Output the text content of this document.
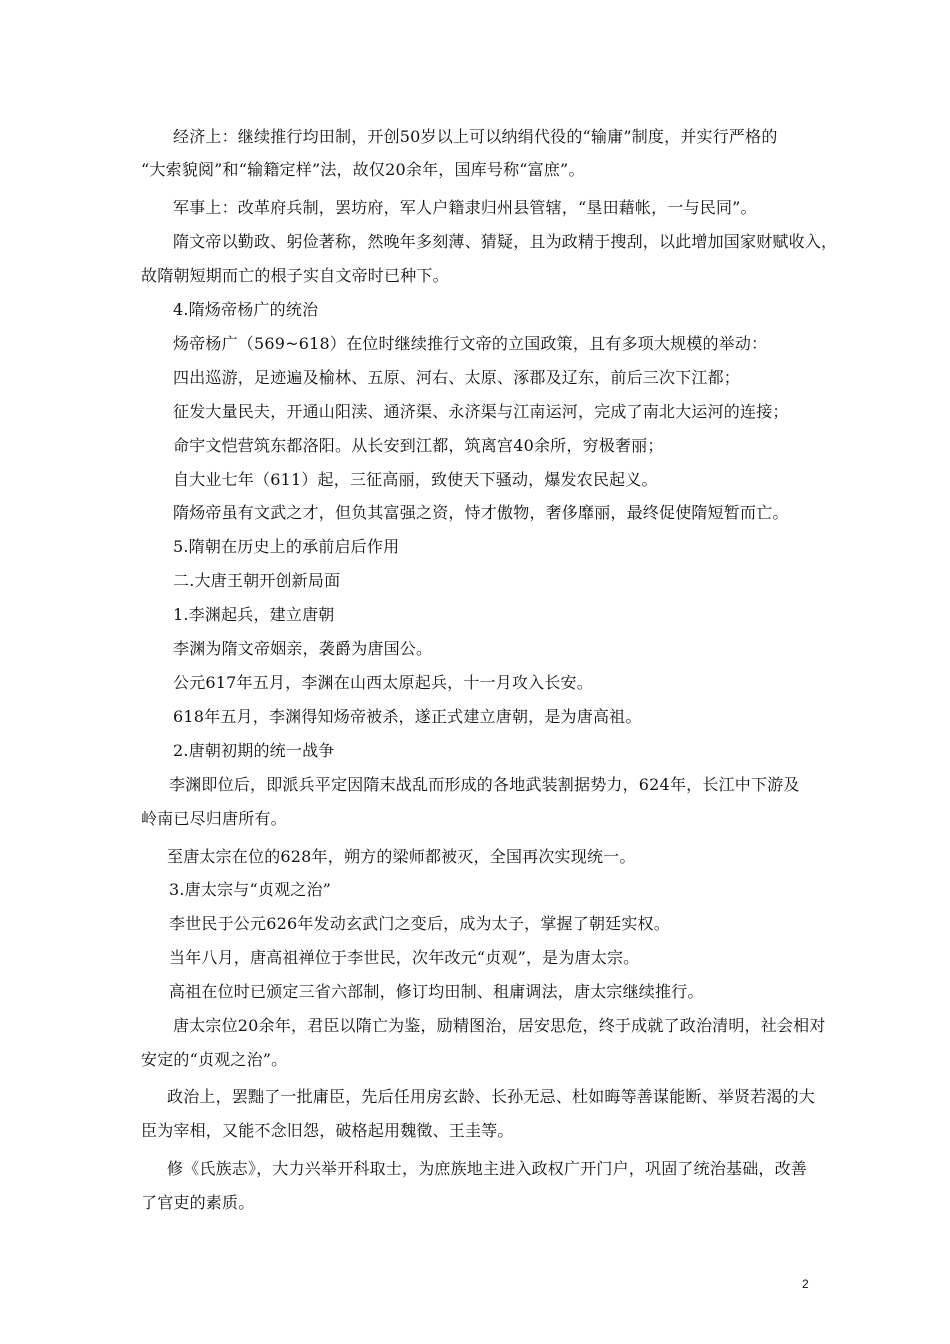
经济上：继续推行均田制，开创50岁以上可以纳绢代役的“输庸”制度，并实行严格的
“大索貌阅”和“输籍定样”法，故仅20余年，国库号称“富庶”。
军事上：改革府兵制，罢坊府，军人户籍隶归州县管辖，“垦田藉帐，一与民同”。
隋文帝以勤政、躬俭著称，然晚年多刻薄、猜疑，且为政精于搜刮，以此增加国家财赋收入，
故隋朝短期而亡的根子实自文帝时已种下。
4.隋炀帝杨广的统治
炀帝杨广（569~618）在位时继续推行文帝的立国政策，且有多项大规模的举动：
四出巡游，足迹遍及榆林、五原、河右、太原、涿郡及辽东，前后三次下江都；
征发大量民夫，开通山阳渎、通济渠、永济渠与江南运河，完成了南北大运河的连接；
命宇文恺营筑东都洛阳。从长安到江都，筑离宫40余所，穷极奢丽；
自大业七年（611）起，三征高丽，致使天下骚动，爆发农民起义。
隋炀帝虽有文武之才，但负其富强之资，恃才傲物，奢侈靡丽，最终促使隋短暂而亡。
5.隋朝在历史上的承前启后作用
二.大唐王朝开创新局面
1.李渊起兵，建立唐朝
李渊为隋文帝姻亲，袭爵为唐国公。
公元617年五月，李渊在山西太原起兵，十一月攻入长安。
618年五月，李渊得知炀帝被杀，遂正式建立唐朝，是为唐高祖。
2.唐朝初期的统一战争
李渊即位后，即派兵平定因隋末战乱而形成的各地武装割据势力，624年，长江中下游及
岭南已尽归唐所有。
至唐太宗在位的628年，朔方的梁师都被灭，全国再次实现统一。
3.唐太宗与“贞观之治”
李世民于公元626年发动玄武门之变后，成为太子，掌握了朝廷实权。
当年八月，唐高祖禅位于李世民，次年改元“贞观”，是为唐太宗。
高祖在位时已颁定三省六部制，修订均田制、租庸调法，唐太宗继续推行。
唐太宗位20余年，君臣以隋亡为鉴，励精图治，居安思危，终于成就了政治清明，社会相对
安定的“贞观之治”。
政治上，罢黜了一批庸臣，先后任用房玄龄、长孙无忌、杜如晦等善谋能断、举贤若渴的大
臣为宰相，又能不念旧怨，破格起用魏徵、王圭等。
修《氏族志》，大力兴举开科取士，为庶族地主进入政权广开门户，巩固了统治基础，改善
了官吏的素质。
2
